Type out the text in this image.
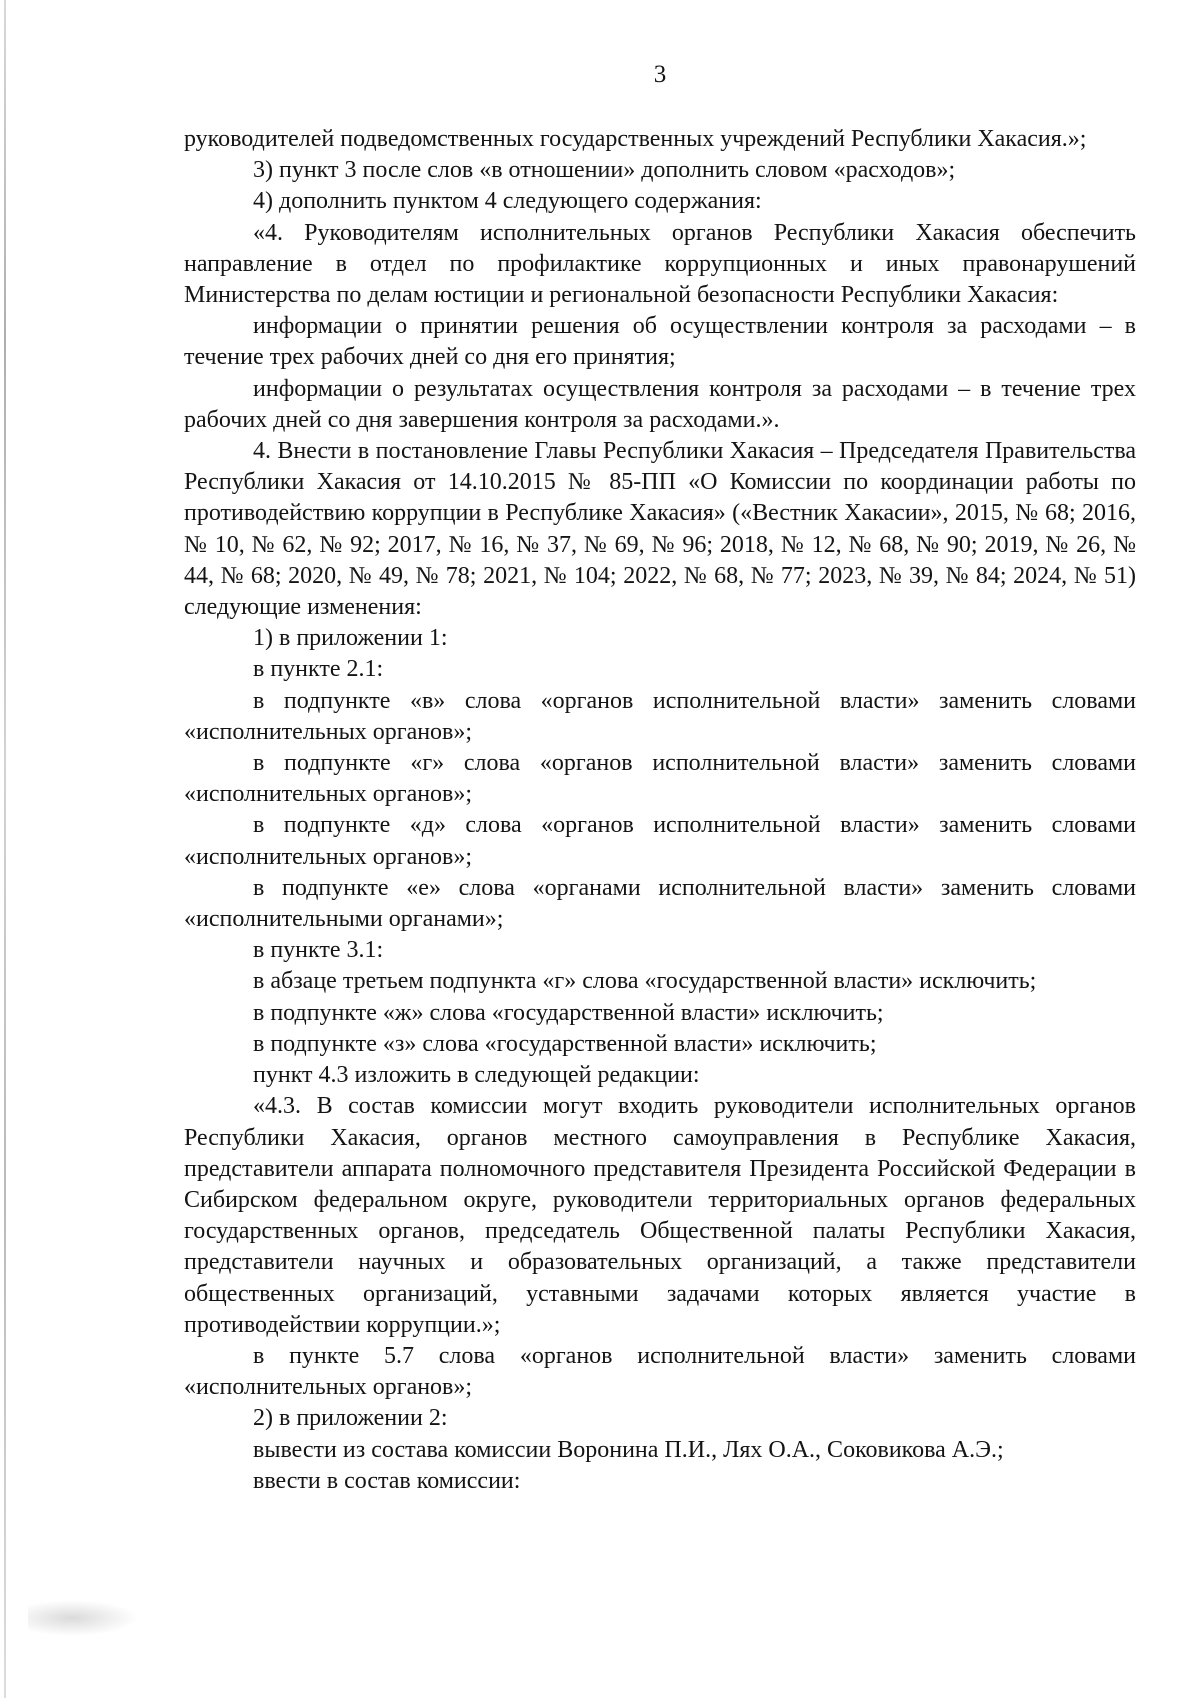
3

руководителей подведомственных государственных учреждений Республики Хакасия.»;

3) пункт 3 после слов «в отношении» дополнить словом «расходов»;

4) дополнить пунктом 4 следующего содержания:

«4. Руководителям исполнительных органов Республики Хакасия обеспечить направление в отдел по профилактике коррупционных и иных правонарушений Министерства по делам юстиции и региональной безопасности Республики Хакасия:

информации о принятии решения об осуществлении контроля за расходами – в течение трех рабочих дней со дня его принятия;

информации о результатах осуществления контроля за расходами – в течение трех рабочих дней со дня завершения контроля за расходами.».

4. Внести в постановление Главы Республики Хакасия – Председателя Правительства Республики Хакасия от 14.10.2015 № 85-ПП «О Комиссии по координации работы по противодействию коррупции в Республике Хакасия» («Вестник Хакасии», 2015, № 68; 2016, № 10, № 62, № 92; 2017, № 16, № 37, № 69, № 96; 2018, № 12, № 68, № 90; 2019, № 26, № 44, № 68; 2020, № 49, № 78; 2021, № 104; 2022, № 68, № 77; 2023, № 39, № 84; 2024, № 51) следующие изменения:

1) в приложении 1:

в пункте 2.1:

в подпункте «в» слова «органов исполнительной власти» заменить словами «исполнительных органов»;

в подпункте «г» слова «органов исполнительной власти» заменить словами «исполнительных органов»;

в подпункте «д» слова «органов исполнительной власти» заменить словами «исполнительных органов»;

в подпункте «е» слова «органами исполнительной власти» заменить словами «исполнительными органами»;

в пункте 3.1:

в абзаце третьем подпункта «г» слова «государственной власти» исключить;

в подпункте «ж» слова «государственной власти» исключить;

в подпункте «з» слова «государственной власти» исключить;

пункт 4.3 изложить в следующей редакции:

«4.3. В состав комиссии могут входить руководители исполнительных органов Республики Хакасия, органов местного самоуправления в Республике Хакасия, представители аппарата полномочного представителя Президента Российской Федерации в Сибирском федеральном округе, руководители территориальных органов федеральных государственных органов, председатель Общественной палаты Республики Хакасия, представители научных и образовательных организаций, а также представители общественных организаций, уставными задачами которых является участие в противодействии коррупции.»;

в пункте 5.7 слова «органов исполнительной власти» заменить словами «исполнительных органов»;

2) в приложении 2:

вывести из состава комиссии Воронина П.И., Лях О.А., Соковикова А.Э.;

ввести в состав комиссии:
